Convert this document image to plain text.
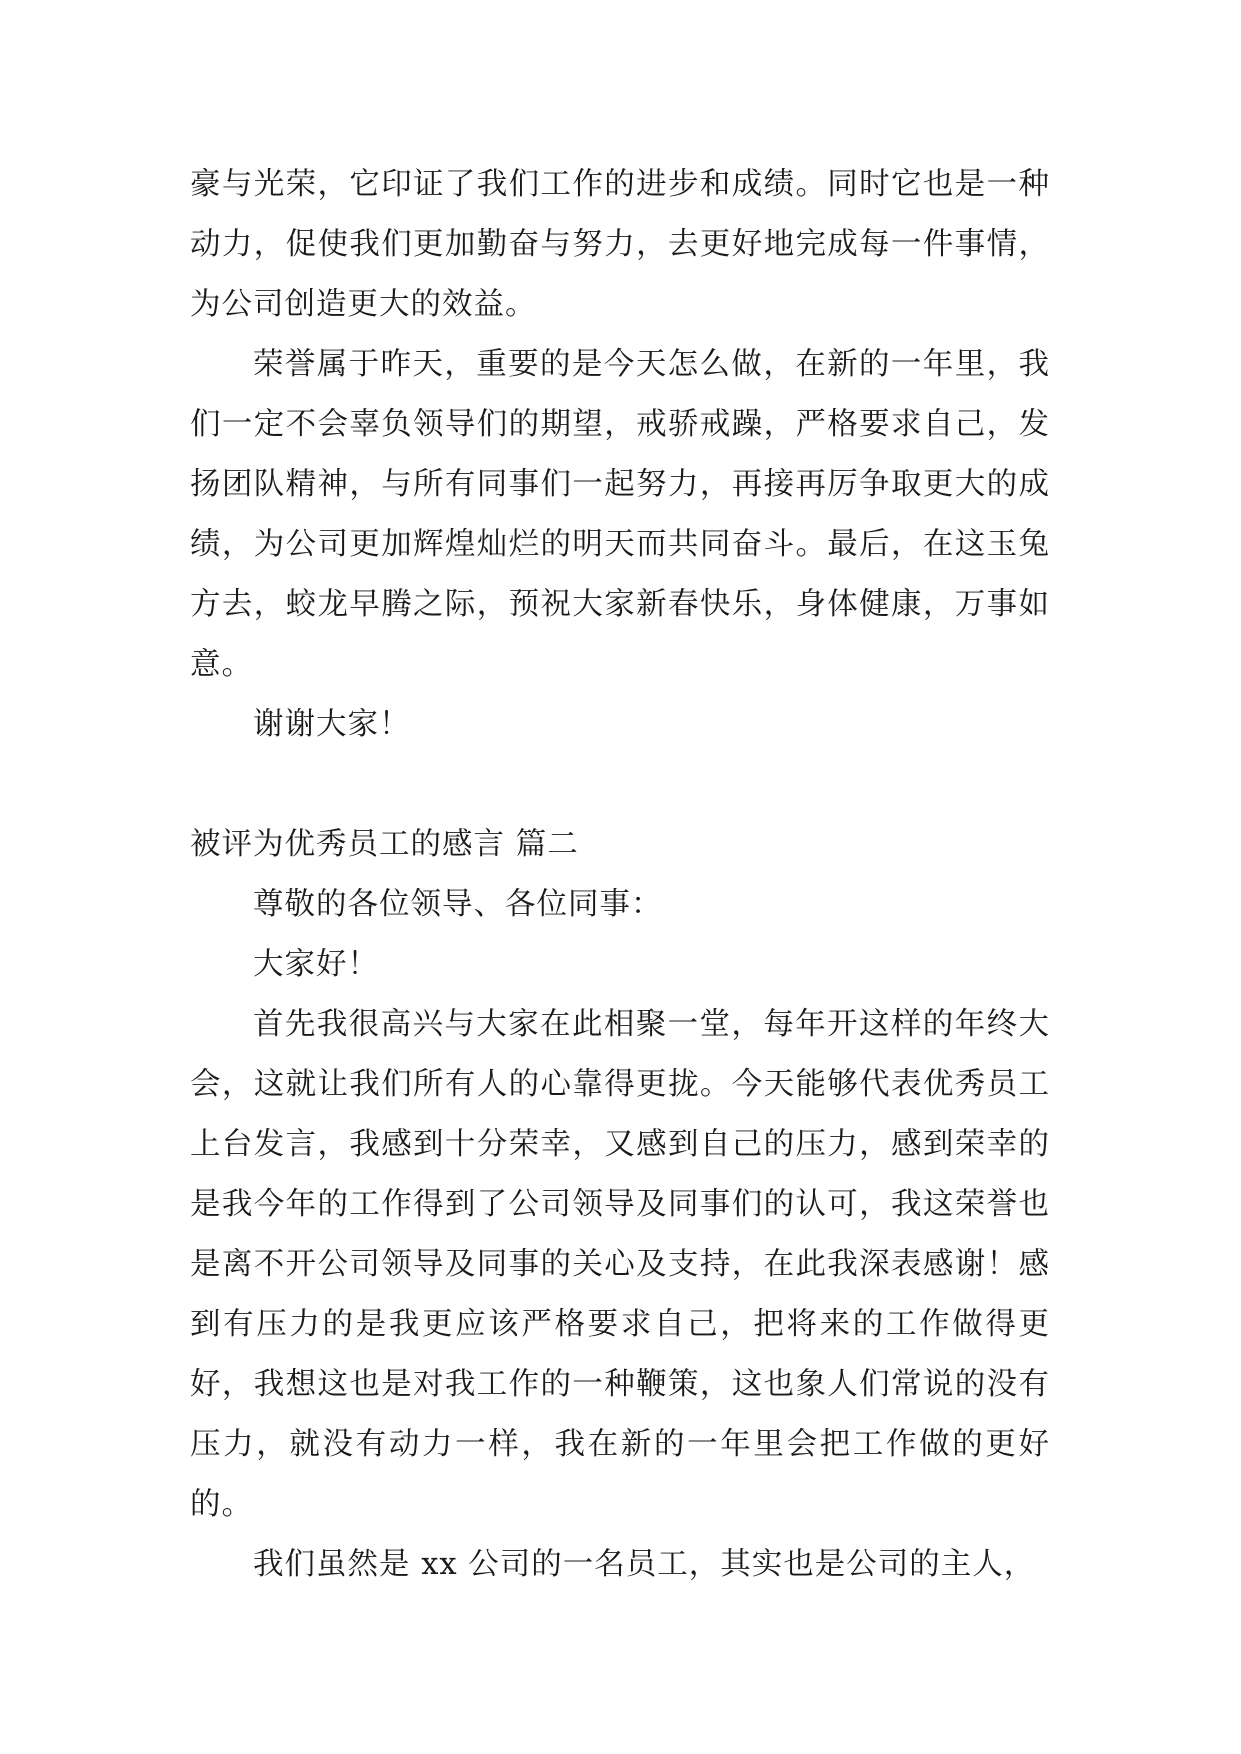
豪与光荣，它印证了我们工作的进步和成绩。同时它也是一种动力，促使我们更加勤奋与努力，去更好地完成每一件事情，为公司创造更大的效益。

荣誉属于昨天，重要的是今天怎么做，在新的一年里，我们一定不会辜负领导们的期望，戒骄戒躁，严格要求自己，发扬团队精神，与所有同事们一起努力，再接再厉争取更大的成绩，为公司更加辉煌灿烂的明天而共同奋斗。最后，在这玉兔方去，蛟龙早腾之际，预祝大家新春快乐，身体健康，万事如意。

谢谢大家！

被评为优秀员工的感言 篇二

尊敬的各位领导、各位同事：

大家好！

首先我很高兴与大家在此相聚一堂，每年开这样的年终大会，这就让我们所有人的心靠得更拢。今天能够代表优秀员工上台发言，我感到十分荣幸，又感到自己的压力，感到荣幸的是我今年的工作得到了公司领导及同事们的认可，我这荣誉也是离不开公司领导及同事的关心及支持，在此我深表感谢！感到有压力的是我更应该严格要求自己，把将来的工作做得更好，我想这也是对我工作的一种鞭策，这也象人们常说的没有压力，就没有动力一样，我在新的一年里会把工作做的更好的。

我们虽然是 xx 公司的一名员工，其实也是公司的主人，
